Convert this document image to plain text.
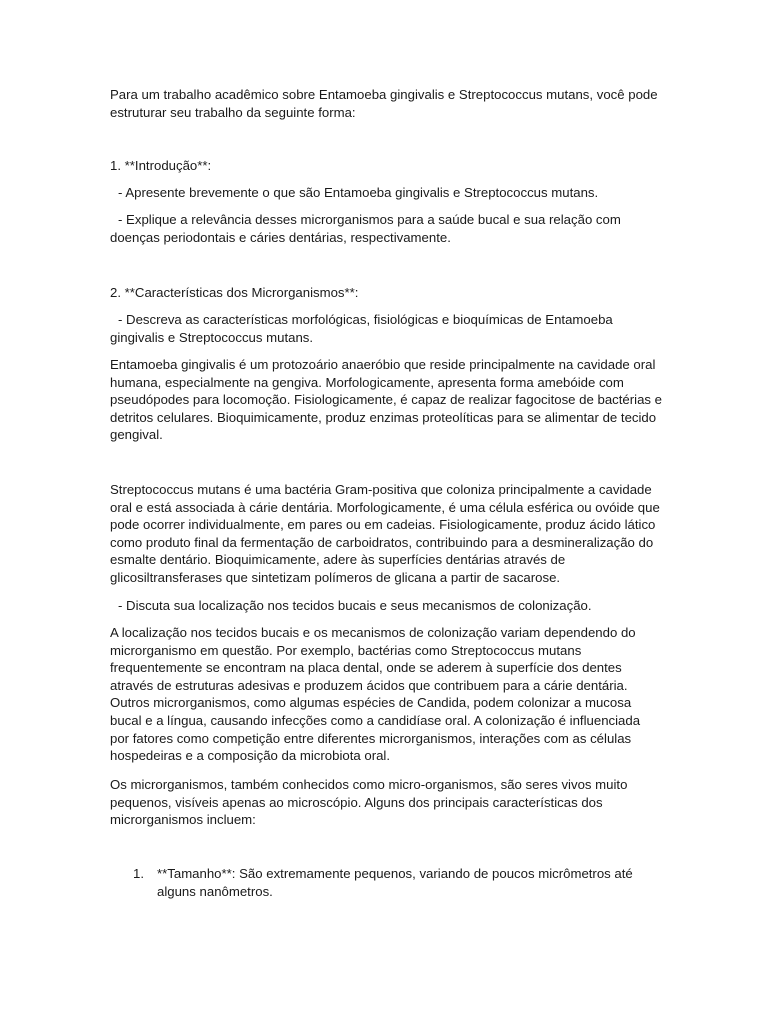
Para um trabalho acadêmico sobre Entamoeba gingivalis e Streptococcus mutans, você pode estruturar seu trabalho da seguinte forma:

1. **Introdução**:

- Apresente brevemente o que são Entamoeba gingivalis e Streptococcus mutans.

- Explique a relevância desses microrganismos para a saúde bucal e sua relação com doenças periodontais e cáries dentárias, respectivamente.

2. **Características dos Microrganismos**:

- Descreva as características morfológicas, fisiológicas e bioquímicas de Entamoeba gingivalis e Streptococcus mutans.

Entamoeba gingivalis é um protozoário anaeróbio que reside principalmente na cavidade oral humana, especialmente na gengiva. Morfologicamente, apresenta forma amebóide com pseudópodes para locomoção. Fisiologicamente, é capaz de realizar fagocitose de bactérias e detritos celulares. Bioquimicamente, produz enzimas proteolíticas para se alimentar de tecido gengival.

Streptococcus mutans é uma bactéria Gram-positiva que coloniza principalmente a cavidade oral e está associada à cárie dentária. Morfologicamente, é uma célula esférica ou ovóide que pode ocorrer individualmente, em pares ou em cadeias. Fisiologicamente, produz ácido lático como produto final da fermentação de carboidratos, contribuindo para a desmineralização do esmalte dentário. Bioquimicamente, adere às superfícies dentárias através de glicosiltransferases que sintetizam polímeros de glicana a partir de sacarose.

- Discuta sua localização nos tecidos bucais e seus mecanismos de colonização.

A localização nos tecidos bucais e os mecanismos de colonização variam dependendo do microrganismo em questão. Por exemplo, bactérias como Streptococcus mutans frequentemente se encontram na placa dental, onde se aderem à superfície dos dentes através de estruturas adesivas e produzem ácidos que contribuem para a cárie dentária. Outros microrganismos, como algumas espécies de Candida, podem colonizar a mucosa bucal e a língua, causando infecções como a candidíase oral. A colonização é influenciada por fatores como competição entre diferentes microrganismos, interações com as células hospedeiras e a composição da microbiota oral.

Os microrganismos, também conhecidos como micro-organismos, são seres vivos muito pequenos, visíveis apenas ao microscópio. Alguns dos principais características dos microrganismos incluem:

1. **Tamanho**: São extremamente pequenos, variando de poucos micrômetros até alguns nanômetros.
